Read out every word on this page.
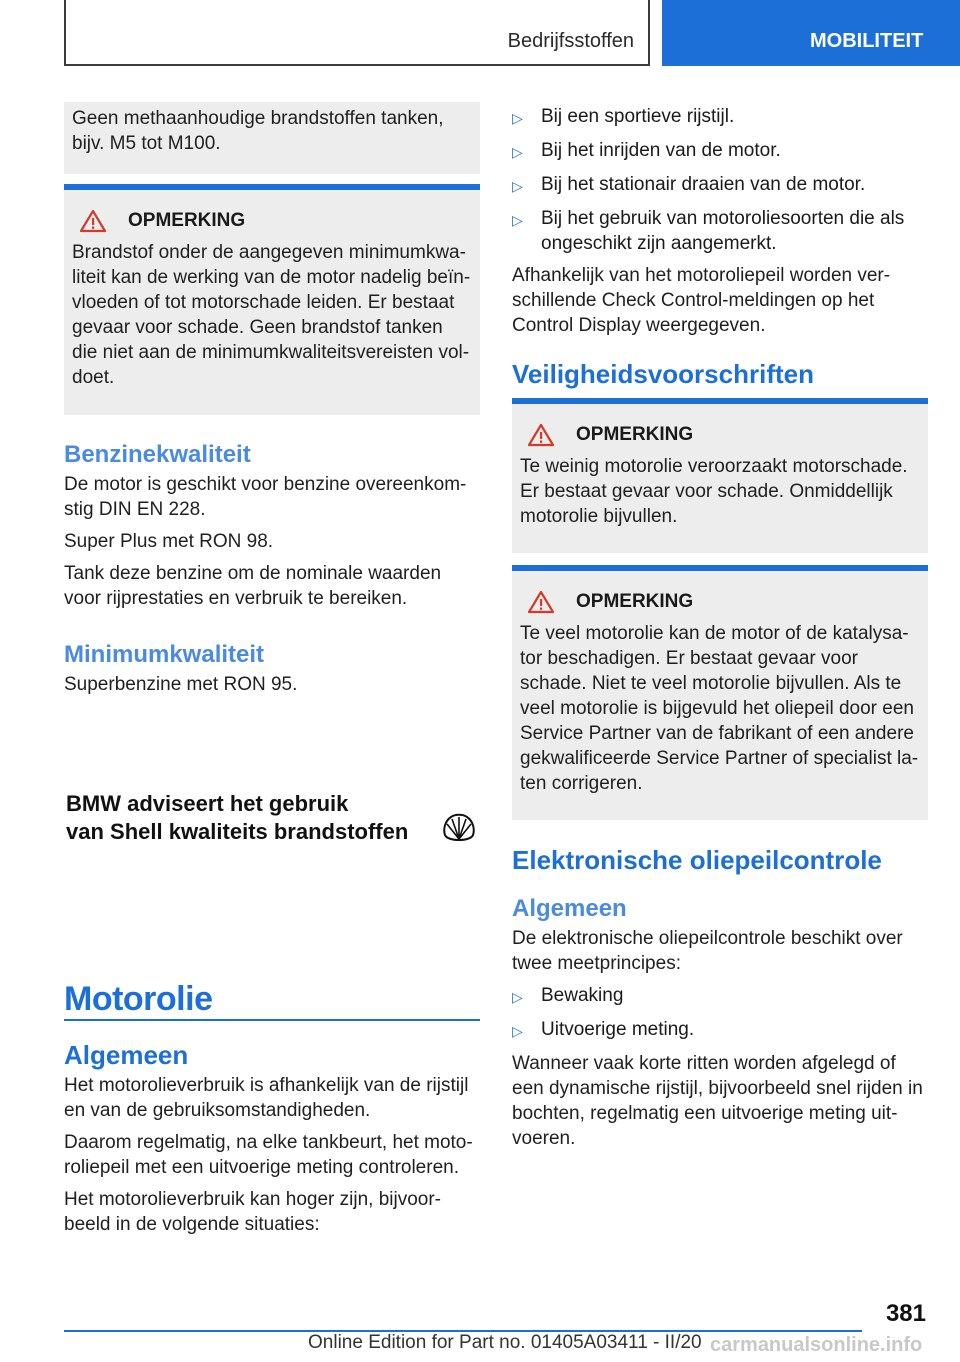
Bedrijfsstoffen	MOBILITEIT
Geen methaanhoudige brandstoffen tanken, bijv. M5 tot M100.
OPMERKING
Brandstof onder de aangegeven minimumkwa-liteit kan de werking van de motor nadelig beïn-vloeden of tot motorschade leiden. Er bestaat gevaar voor schade. Geen brandstof tanken die niet aan de minimumkwaliteitsvereisten vol-doet.
Benzinekwaliteit
De motor is geschikt voor benzine overeenkom-stig DIN EN 228.
Super Plus met RON 98.
Tank deze benzine om de nominale waarden voor rijprestaties en verbruik te bereiken.
Minimumkwaliteit
Superbenzine met RON 95.
Motorolie
Algemeen
Het motorolieverbruik is afhankelijk van de rijstijl en van de gebruiksomstandigheden.
Daarom regelmatig, na elke tankbeurt, het moto-roliepeil met een uitvoerige meting controleren.
Het motorolieverbruik kan hoger zijn, bijvoor-beeld in de volgende situaties:
BMW adviseert het gebruik
van Shell kwaliteits brandstoffen
▷ Bij een sportieve rijstijl.
▷ Bij het inrijden van de motor.
▷ Bij het stationair draaien van de motor.
▷ Bij het gebruik van motoroliesoorten die als ongeschikt zijn aangemerkt.
Afhankelijk van het motoroliepeil worden ver-schillende Check Control-meldingen op het Control Display weergegeven.
Veiligheidsvoorschriften
OPMERKING
Te weinig motorolie veroorzaakt motorschade. Er bestaat gevaar voor schade. Onmiddellijk motorolie bijvullen.
OPMERKING
Te veel motorolie kan de motor of de katalysa-tor beschadigen. Er bestaat gevaar voor schade. Niet te veel motorolie bijvullen. Als te veel motorolie is bijgevuld het oliepeil door een Service Partner van de fabrikant of een andere gekwalificeerde Service Partner of specialist la-ten corrigeren.
Elektronische oliepeilcontrole
Algemeen
De elektronische oliepeilcontrole beschikt over twee meetprincipes:
▷ Bewaking
▷ Uitvoerige meting.
Wanneer vaak korte ritten worden afgelegd of een dynamische rijstijl, bijvoorbeeld snel rijden in bochten, regelmatig een uitvoerige meting uit-voeren.
381
Online Edition for Part no. 01405A03411 - II/20 carmanualsonline.info
